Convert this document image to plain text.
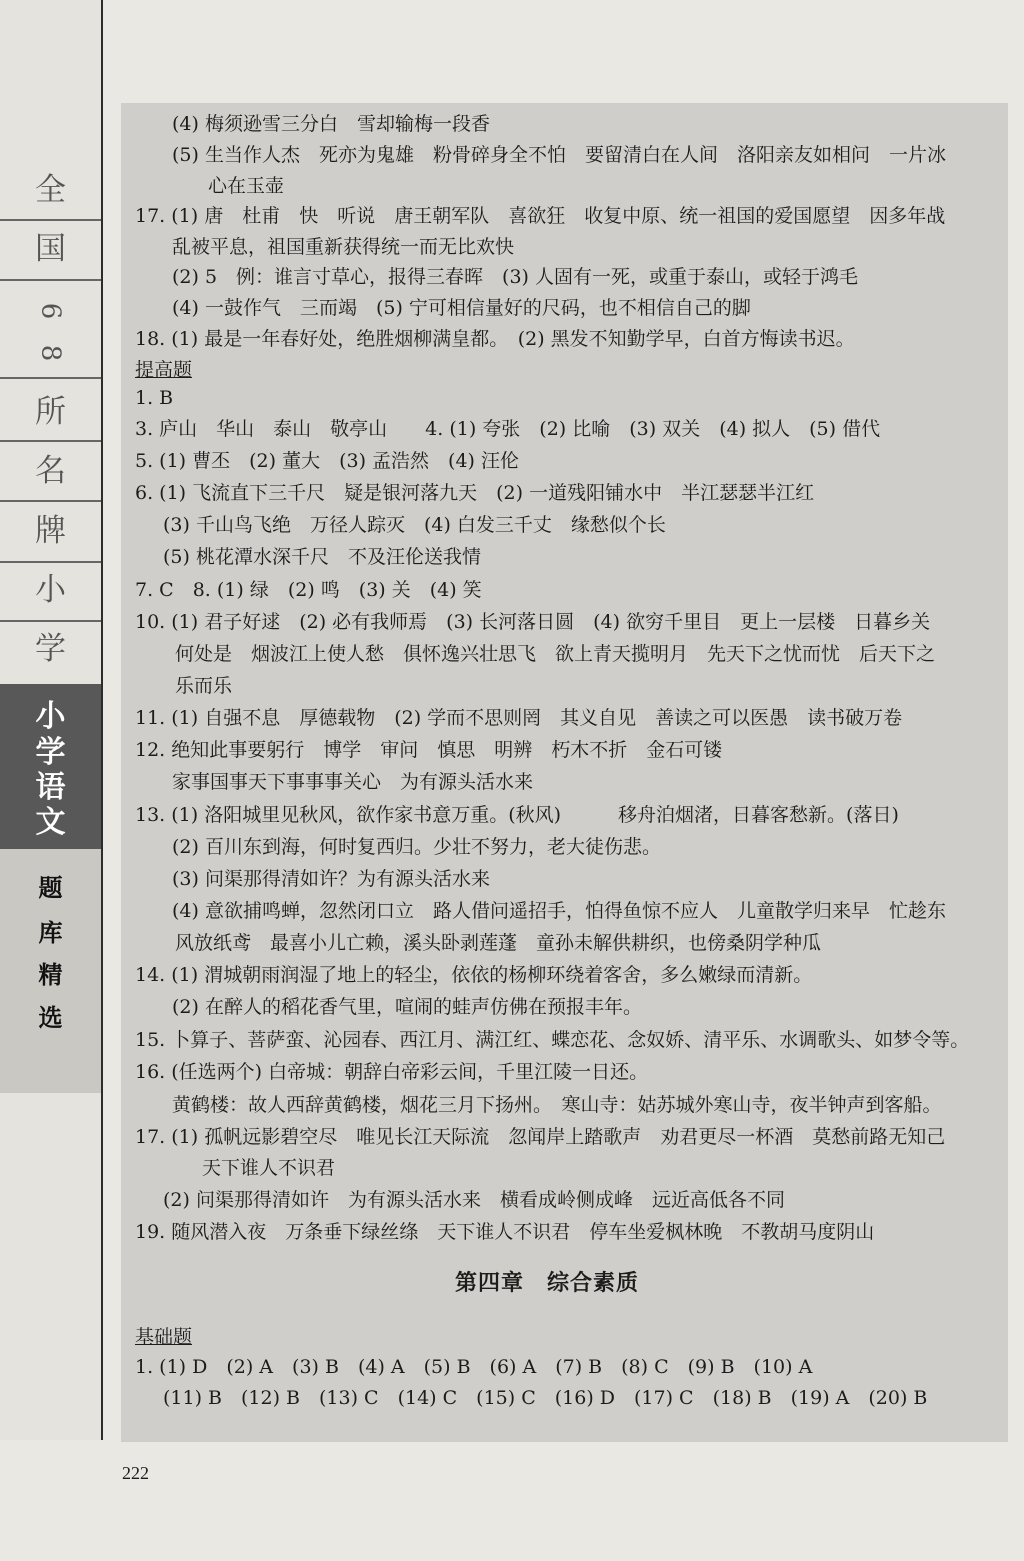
全
国
6
8
所
名
牌
小
学
小
学
语
文
题
库
精
选
(4) 梅须逊雪三分白　雪却输梅一段香
(5) 生当作人杰　死亦为鬼雄　粉骨碎身全不怕　要留清白在人间　洛阳亲友如相问　一片冰
心在玉壶
17. (1) 唐　杜甫　快　听说　唐王朝军队　喜欲狂　收复中原、统一祖国的爱国愿望　因多年战
乱被平息，祖国重新获得统一而无比欢快
(2) 5　例：谁言寸草心，报得三春晖　(3) 人固有一死，或重于泰山，或轻于鸿毛
(4) 一鼓作气　三而竭　(5) 宁可相信量好的尺码，也不相信自己的脚
18. (1) 最是一年春好处，绝胜烟柳满皇都。　(2) 黑发不知勤学早，白首方悔读书迟。
提高题
1. B
3. 庐山　华山　泰山　敬亭山　　4. (1) 夸张　(2) 比喻　(3) 双关　(4) 拟人　(5) 借代
5. (1) 曹丕　(2) 董大　(3) 孟浩然　(4) 汪伦
6. (1) 飞流直下三千尺　疑是银河落九天　(2) 一道残阳铺水中　半江瑟瑟半江红
(3) 千山鸟飞绝　万径人踪灭　(4) 白发三千丈　缘愁似个长
(5) 桃花潭水深千尺　不及汪伦送我情
7. C　8. (1) 绿　(2) 鸣　(3) 关　(4) 笑
10. (1) 君子好逑　(2) 必有我师焉　(3) 长河落日圆　(4) 欲穷千里目　更上一层楼　日暮乡关
何处是　烟波江上使人愁　俱怀逸兴壮思飞　欲上青天揽明月　先天下之忧而忧　后天下之
乐而乐
11. (1) 自强不息　厚德载物　(2) 学而不思则罔　其义自见　善读之可以医愚　读书破万卷
12. 绝知此事要躬行　博学　审问　慎思　明辨　朽木不折　金石可镂
家事国事天下事事事关心　为有源头活水来
13. (1) 洛阳城里见秋风，欲作家书意万重。(秋风)　　　移舟泊烟渚，日暮客愁新。(落日)
(2) 百川东到海，何时复西归。少壮不努力，老大徒伤悲。
(3) 问渠那得清如许？为有源头活水来
(4) 意欲捕鸣蝉，忽然闭口立　路人借问遥招手，怕得鱼惊不应人　儿童散学归来早　忙趁东
风放纸鸢　最喜小儿亡赖，溪头卧剥莲蓬　童孙未解供耕织，也傍桑阴学种瓜
14. (1) 渭城朝雨润湿了地上的轻尘，依依的杨柳环绕着客舍，多么嫩绿而清新。
(2) 在醉人的稻花香气里，喧闹的蛙声仿佛在预报丰年。
15. 卜算子、菩萨蛮、沁园春、西江月、满江红、蝶恋花、念奴娇、清平乐、水调歌头、如梦令等。
16. (任选两个) 白帝城：朝辞白帝彩云间，千里江陵一日还。
黄鹤楼：故人西辞黄鹤楼，烟花三月下扬州。　寒山寺：姑苏城外寒山寺，夜半钟声到客船。
17. (1) 孤帆远影碧空尽　唯见长江天际流　忽闻岸上踏歌声　劝君更尽一杯酒　莫愁前路无知己
天下谁人不识君
(2) 问渠那得清如许　为有源头活水来　横看成岭侧成峰　远近高低各不同
19. 随风潜入夜　万条垂下绿丝绦　天下谁人不识君　停车坐爱枫林晚　不教胡马度阴山
第四章　综合素质
基础题
1. (1) D　(2) A　(3) B　(4) A　(5) B　(6) A　(7) B　(8) C　(9) B　(10) A
(11) B　(12) B　(13) C　(14) C　(15) C　(16) D　(17) C　(18) B　(19) A　(20) B
222
